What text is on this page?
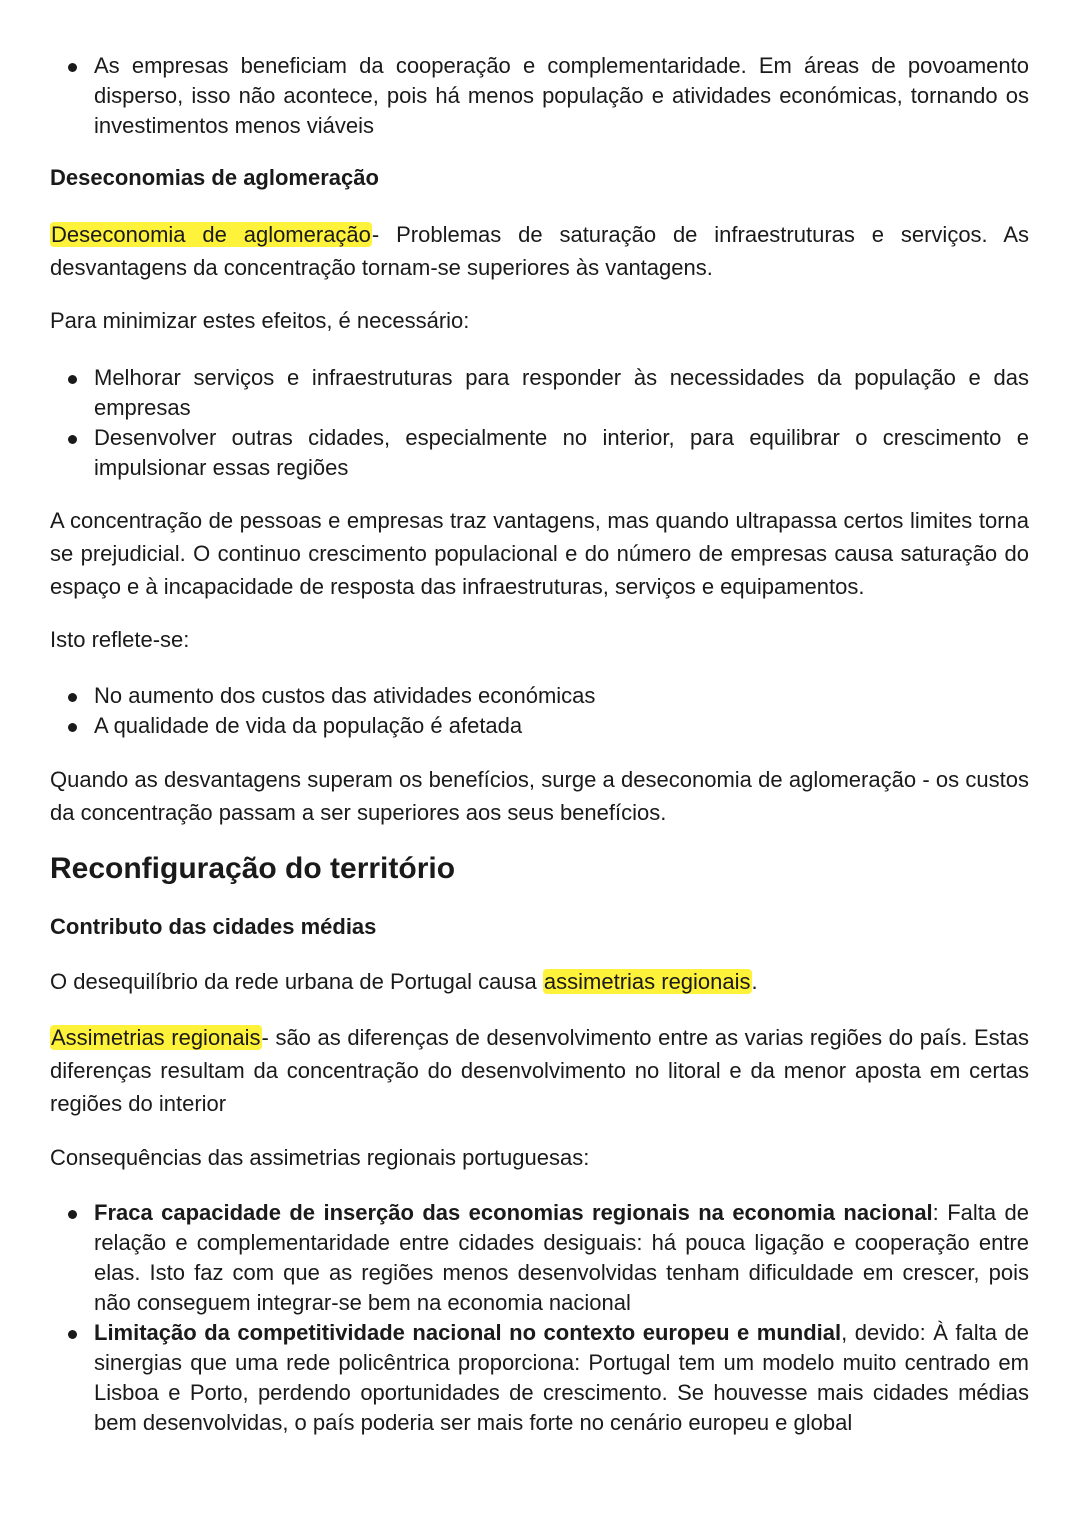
As empresas beneficiam da cooperação e complementaridade. Em áreas de povoamento disperso, isso não acontece, pois há menos população e atividades económicas, tornando os investimentos menos viáveis
Deseconomias de aglomeração
Deseconomia de aglomeração- Problemas de saturação de infraestruturas e serviços. As desvantagens da concentração tornam-se superiores às vantagens.
Para minimizar estes efeitos, é necessário:
Melhorar serviços e infraestruturas para responder às necessidades da população e das empresas
Desenvolver outras cidades, especialmente no interior, para equilibrar o crescimento e impulsionar essas regiões
A concentração de pessoas e empresas traz vantagens, mas quando ultrapassa certos limites torna se prejudicial. O continuo crescimento populacional e do número de empresas causa saturação do espaço e à incapacidade de resposta das infraestruturas, serviços e equipamentos.
Isto reflete-se:
No aumento dos custos das atividades económicas
A qualidade de vida da população é afetada
Quando as desvantagens superam os benefícios, surge a deseconomia de aglomeração - os custos da concentração passam a ser superiores aos seus benefícios.
Reconfiguração do território
Contributo das cidades médias
O desequilíbrio da rede urbana de Portugal causa assimetrias regionais.
Assimetrias regionais- são as diferenças de desenvolvimento entre as varias regiões do país. Estas diferenças resultam da concentração do desenvolvimento no litoral e da menor aposta em certas regiões do interior
Consequências das assimetrias regionais portuguesas:
Fraca capacidade de inserção das economias regionais na economia nacional: Falta de relação e complementaridade entre cidades desiguais: há pouca ligação e cooperação entre elas. Isto faz com que as regiões menos desenvolvidas tenham dificuldade em crescer, pois não conseguem integrar-se bem na economia nacional
Limitação da competitividade nacional no contexto europeu e mundial, devido: À falta de sinergias que uma rede policêntrica proporciona: Portugal tem um modelo muito centrado em Lisboa e Porto, perdendo oportunidades de crescimento. Se houvesse mais cidades médias bem desenvolvidas, o país poderia ser mais forte no cenário europeu e global
